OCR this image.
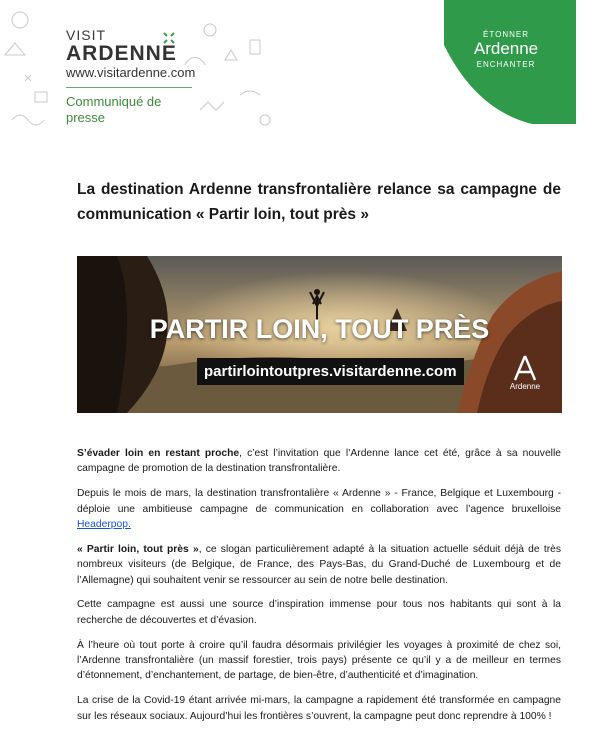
VISIT
ARDENNE
www.visitardenne.com
Communiqué de presse
ÉTONNER
Ardenne
ENCHANTER
La destination Ardenne transfrontalière relance sa campagne de communication « Partir loin, tout près »
PARTIR LOIN, TOUT PRÈS
partirlointoutpres.visitardenne.com
Ardenne

S’évader loin en restant proche, c’est l’invitation que l’Ardenne lance cet été, grâce à sa nouvelle campagne de promotion de la destination transfrontalière.

Depuis le mois de mars, la destination transfrontalière « Ardenne » - France, Belgique et Luxembourg - déploie une ambitieuse campagne de communication en collaboration avec l’agence bruxelloise Headerpop.

« Partir loin, tout près », ce slogan particulièrement adapté à la situation actuelle séduit déjà de très nombreux visiteurs (de Belgique, de France, des Pays-Bas, du Grand-Duché de Luxembourg et de l’Allemagne) qui souhaitent venir se ressourcer au sein de notre belle destination.

Cette campagne est aussi une source d’inspiration immense pour tous nos habitants qui sont à la recherche de découvertes et d’évasion.

À l’heure où tout porte à croire qu’il faudra désormais privilégier les voyages à proximité de chez soi, l’Ardenne transfrontalière (un massif forestier, trois pays) présente ce qu’il y a de meilleur en termes d’étonnement, d’enchantement, de partage, de bien-être, d’authenticité et d’imagination.

La crise de la Covid-19 étant arrivée mi-mars, la campagne a rapidement été transformée en campagne sur les réseaux sociaux. Aujourd’hui les frontières s’ouvrent, la campagne peut donc reprendre à 100% !
